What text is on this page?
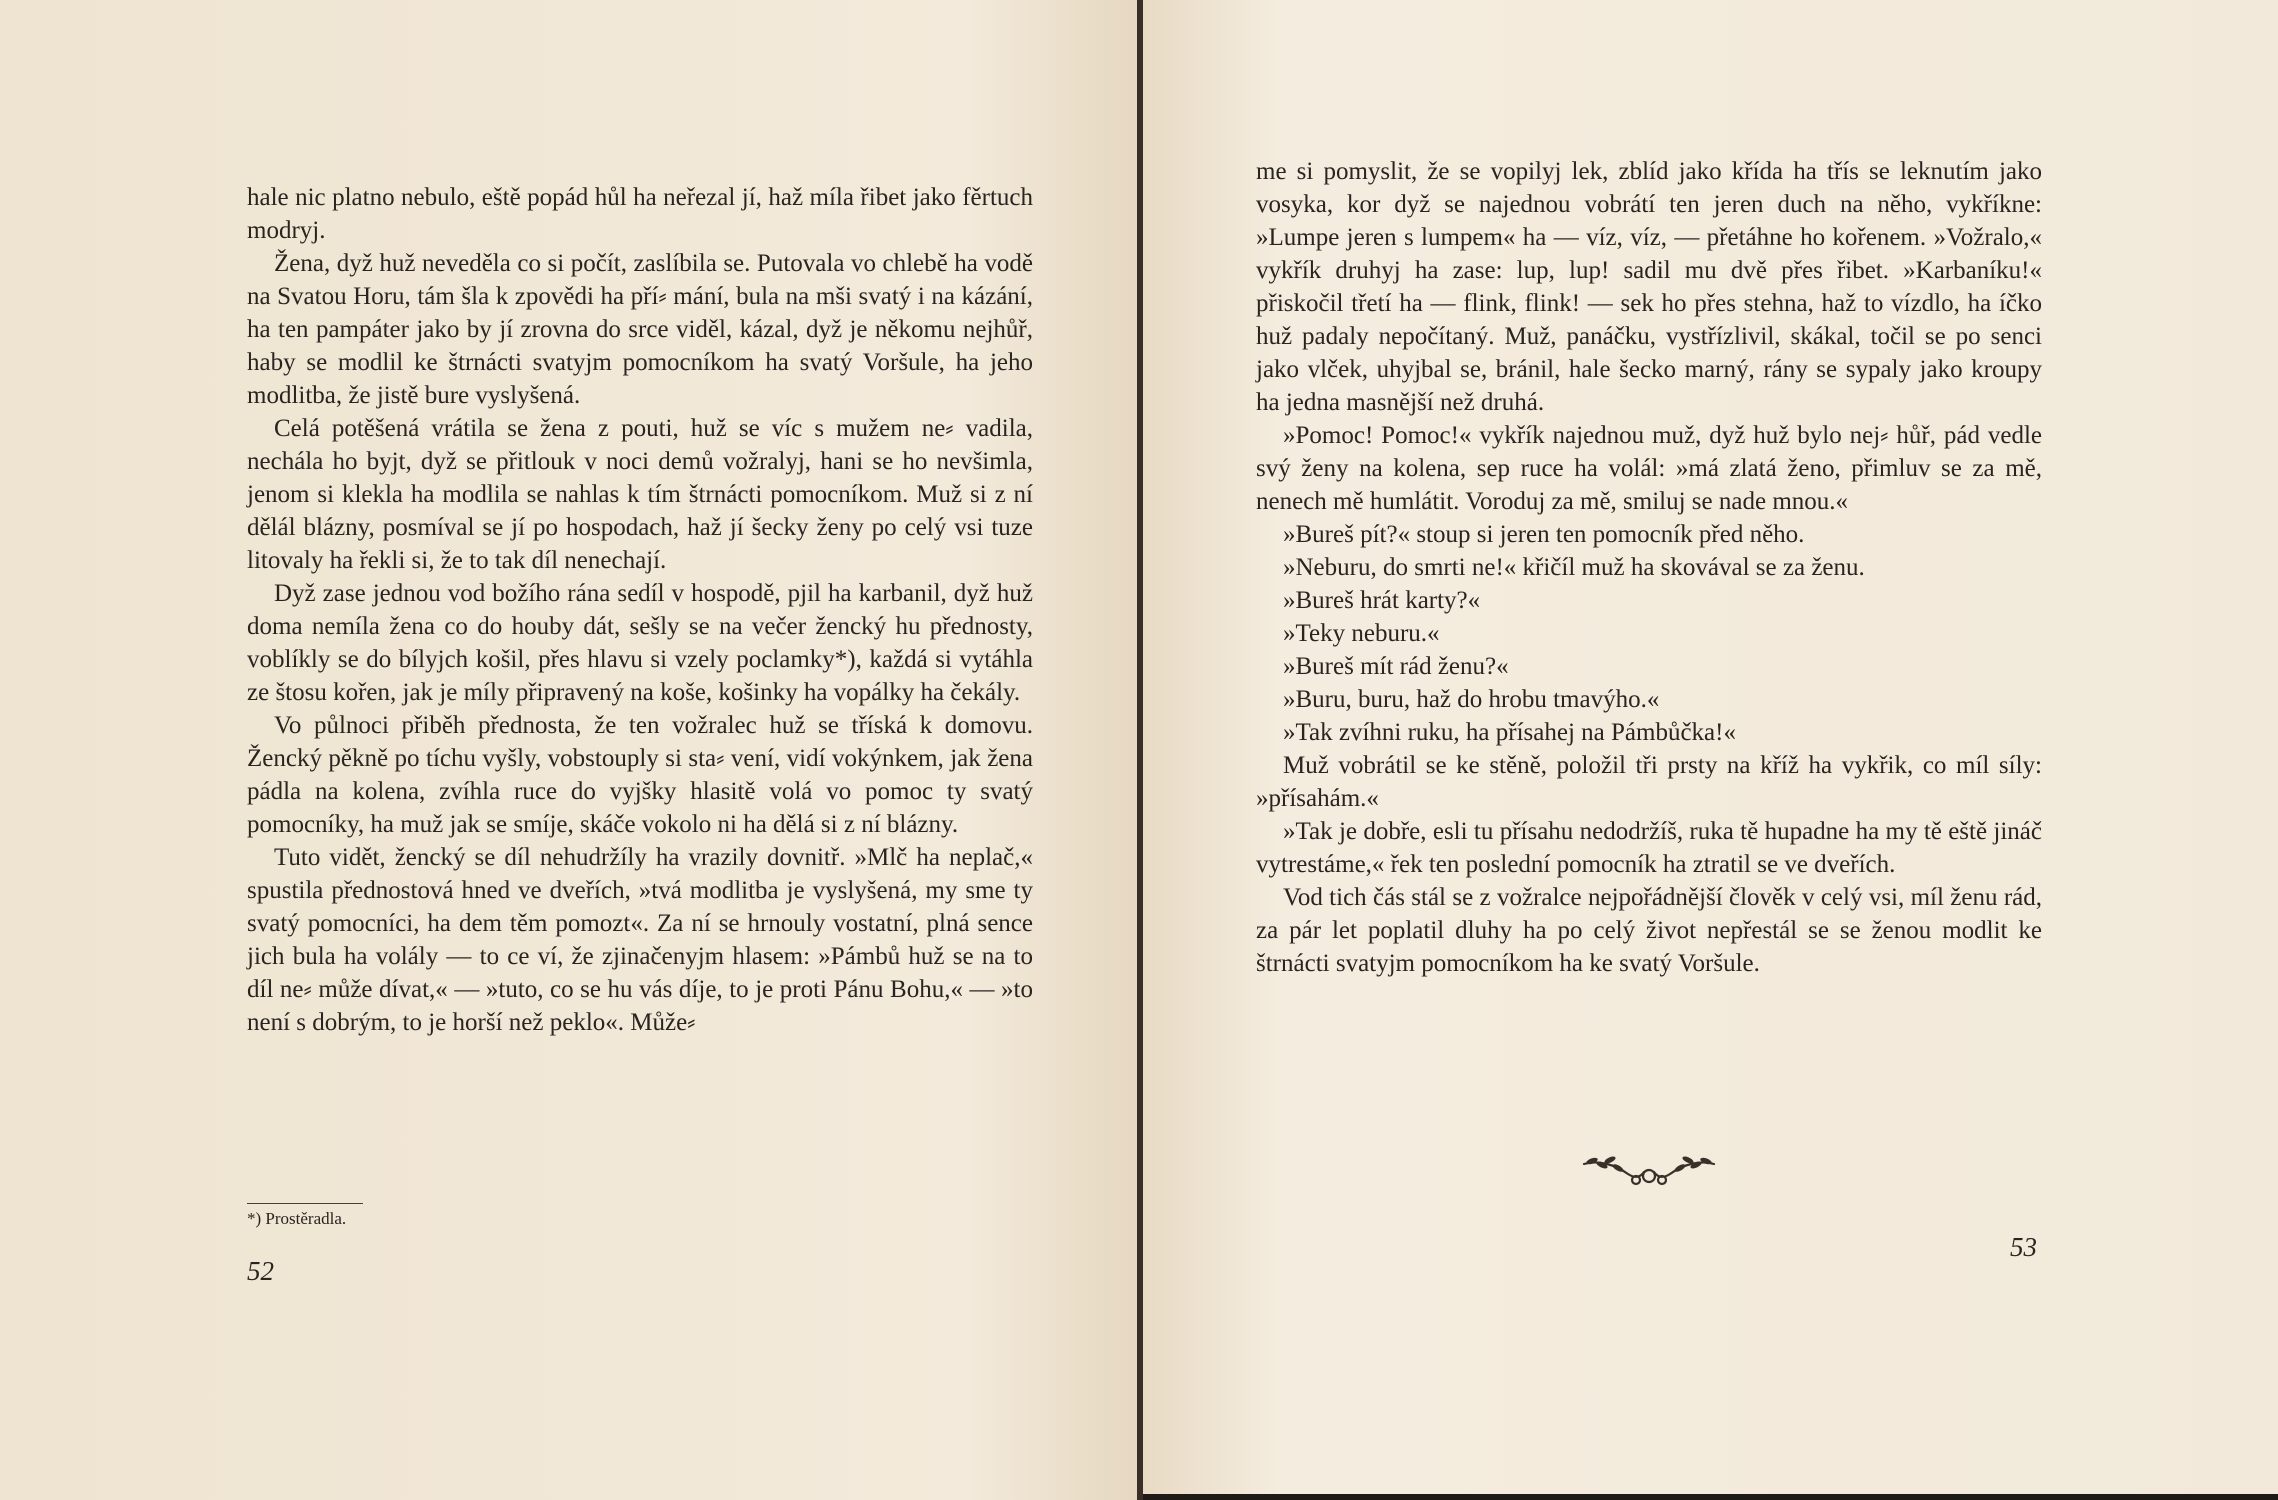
hale nic platno nebulo, eště popád hůl ha neřezal jí, haž míla řibet jako fěrtuch modryj.

Žena, dyž huž neveděla co si počít, zaslíbila se. Putovala vo chlebě ha vodě na Svatou Horu, tám šla k zpovědi ha pří⸗ mání, bula na mši svatý i na kázání, ha ten pampáter jako by jí zrovna do srce viděl, kázal, dyž je někomu nejhůř, haby se modlil ke štrnácti svatyjm pomocníkom ha svatý Voršule, ha jeho modlitba, že jistě bure vyslyšená.

Celá potěšená vrátila se žena z pouti, huž se víc s mužem ne⸗ vadila, nechála ho byjt, dyž se přitlouk v noci demů vožralyj, hani se ho nevšimla, jenom si klekla ha modlila se nahlas k tím štrnácti pomocníkom. Muž si z ní dělál blázny, posmíval se jí po hospodach, haž jí šecky ženy po celý vsi tuze litovaly ha řekli si, že to tak díl nenechají.

Dyž zase jednou vod božího rána sedíl v hospodě, pjil ha karbanil, dyž huž doma nemíla žena co do houby dát, sešly se na večer žencký hu přednosty, voblíkly se do bílyjch košil, přes hlavu si vzely poclamky*), každá si vytáhla ze štosu kořen, jak je míly připravený na koše, košinky ha vopálky ha čekály.

Vo půlnoci přiběh přednosta, že ten vožralec huž se tříská k domovu. Žencký pěkně po tíchu vyšly, vobstouply si sta⸗ vení, vidí vokýnkem, jak žena pádla na kolena, zvíhla ruce do vyjšky hlasitě volá vo pomoc ty svatý pomocníky, ha muž jak se smíje, skáče vokolo ni ha dělá si z ní blázny.

Tuto vidět, žencký se díl nehudržíly ha vrazily dovnitř. »Mlč ha neplač,« spustila přednostová hned ve dveřích, »tvá modlitba je vyslyšená, my sme ty svatý pomocníci, ha dem těm pomozt«. Za ní se hrnouly vostatní, plná sence jich bula ha volály — to ce ví, že zjinačenyjm hlasem: »Pámbů huž se na to díl ne⸗ může dívat,« — »tuto, co se hu vás díje, to je proti Pánu Bohu,« — »to není s dobrým, to je horší než peklo«. Může⸗

*) Prostěradla.
52

me si pomyslit, že se vopilyj lek, zblíd jako křída ha třís se leknutím jako vosyka, kor dyž se najednou vobrátí ten jeren duch na něho, vykříkne: »Lumpe jeren s lumpem« ha — víz, víz, — přetáhne ho kořenem. »Vožralo,« vykřík druhyj ha zase: lup, lup! sadil mu dvě přes řibet. »Karbaníku!« přiskočil třetí ha — flink, flink! — sek ho přes stehna, haž to vízdlo, ha íčko huž padaly nepočítaný. Muž, panáčku, vystřízlivil, skákal, točil se po senci jako vlček, uhyjbal se, bránil, hale šecko marný, rány se sypaly jako kroupy ha jedna masnější než druhá.

»Pomoc! Pomoc!« vykřík najednou muž, dyž huž bylo nej⸗ hůř, pád vedle svý ženy na kolena, sep ruce ha volál: »má zlatá ženo, přimluv se za mě, nenech mě humlátit. Voroduj za mě, smiluj se nade mnou.«

»Bureš pít?« stoup si jeren ten pomocník před něho.

»Neburu, do smrti ne!« křičíl muž ha skovával se za ženu.

»Bureš hrát karty?«

»Teky neburu.«

»Bureš mít rád ženu?«

»Buru, buru, haž do hrobu tmavýho.«

»Tak zvíhni ruku, ha přísahej na Pámbůčka!«

Muž vobrátil se ke stěně, položil tři prsty na kříž ha vykřik, co míl síly: »přísahám.«

»Tak je dobře, esli tu přísahu nedodržíš, ruka tě hupadne ha my tě eště jináč vytrestáme,« řek ten poslední pomocník ha ztratil se ve dveřích.

Vod tich čás stál se z vožralce nejpořádnější člověk v celý vsi, míl ženu rád, za pár let poplatil dluhy ha po celý život nepřestál se se ženou modlit ke štrnácti svatyjm pomocníkom ha ke svatý Voršule.

53
